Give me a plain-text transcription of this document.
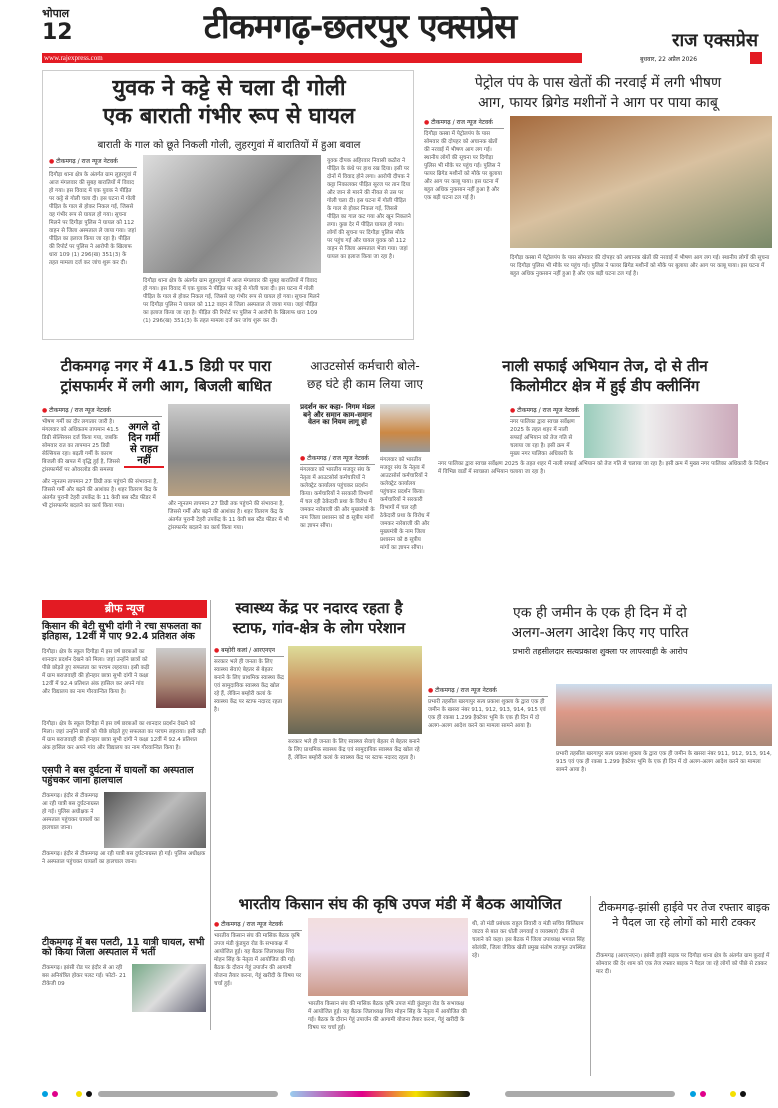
भोपाल
12	टीकमगढ़-छतरपुर एक्सप्रेस	राज एक्सप्रेस
www.rajexpress.com	बुधवार, 22 अप्रैल 2026
युवक ने कट्टे से चला दी गोली
एक बाराती गंभीर रूप से घायल
बाराती के गाल को छूते निकली गोली, लुहरगुवां में बारातियों में हुआ बवाल
● टीकमगढ़ / राज न्यूज नेटवर्क
दिगौड़ा थाना क्षेत्र के अंतर्गत ग्राम लुहरगुवां में आज मंगलवार की सुबह बारातियों में विवाद हो गया। इस विवाद में एक युवक ने पीड़ित पर कट्टे से गोली चला दी। इस घटना में गोली पीड़ित के गाल से होकर निकल गई, जिससे वह गंभीर रूप से घायल हो गया। सूचना मिलने पर दिगौड़ा पुलिस ने घायल को 112 वाहन से जिला अस्पताल ले जाया गया। जहां पीड़ित का इलाज किया जा रहा है। पीड़ित की रिपोर्ट पर पुलिस ने आरोपी के खिलाफ धारा 109 (1) 296(ख) 351(3) के तहत मामला दर्ज कर जांच शुरू कर दी।
दिगौड़ा थाना क्षेत्र के अंतर्गत ग्राम लुहरगुवां में आज मंगलवार की सुबह बारातियों में विवाद हो गया। इस विवाद में एक युवक ने पीड़ित पर कट्टे से गोली चला दी। इस घटना में गोली पीड़ित के गाल से होकर निकल गई, जिससे वह गंभीर रूप से घायल हो गया। सूचना मिलने पर दिगौड़ा पुलिस ने घायल को 112 वाहन से जिला अस्पताल ले जाया गया। जहां पीड़ित का इलाज किया जा रहा है। पीड़ित की रिपोर्ट पर पुलिस ने आरोपी के खिलाफ धारा 109 (1) 296(ख) 351(3) के तहत मामला दर्ज कर जांच शुरू कर दी।
युवक दीपक अहिरवार निवासी कठौरा ने पीड़ित के कंधे पर हाथ रख दिया। इसी पर दोनों में विवाद होने लगा। आरोपी दीपक ने कट्टा निकालकर पीड़ित सूरज पर तान दिया और जान से मारने की नीयत से उस पर गोली चला दी। इस घटना में गोली पीड़ित के गाल से होकर निकल गई, जिससे पीड़ित का गाल कट गया और खून निकलने लगा। कुछ देर में पीड़ित घायल हो गया। लोगों की सूचना पर दिगौड़ा पुलिस मौके पर पहुंच गई और घायल युवक को 112 वाहन से जिला अस्पताल भेजा गया। जहां घायल का इलाज किया जा रहा है।
पेट्रोल पंप के पास खेतों की नरवाई में लगी भीषण
आग, फायर ब्रिगेड मशीनों ने आग पर पाया काबू
● टीकमगढ़ / राज न्यूज नेटवर्क
दिगौड़ा कस्बा में पेट्रोलपंप के पास सोमवार की दोपहर को अचानक खेतों की नरवाई में भीषण आग लग गई। स्थानीय लोगों की सूचना पर दिगौड़ा पुलिस भी मौके पर पहुंच गई। पुलिस ने फायर ब्रिगेड मशीनों को मौके पर बुलाया और आग पर काबू पाया। इस घटना में बहुत अधिक नुकसान नहीं हुआ है और एक बड़ी घटना टल गई है।
दिगौड़ा कस्बा में पेट्रोलपंप के पास सोमवार की दोपहर को अचानक खेतों की नरवाई में भीषण आग लग गई। स्थानीय लोगों की सूचना पर दिगौड़ा पुलिस भी मौके पर पहुंच गई। पुलिस ने फायर ब्रिगेड मशीनों को मौके पर बुलाया और आग पर काबू पाया। इस घटना में बहुत अधिक नुकसान नहीं हुआ है और एक बड़ी घटना टल गई है।
टीकमगढ़ नगर में 41.5 डिग्री पर पारा
ट्रांसफार्मर में लगी आग, बिजली बाधित
● टीकमगढ़ / राज न्यूज नेटवर्क
भीषण गर्मी का दौर लगातार जारी है। मंगलवार को अधिकतम तापमान 41.5 डिग्री सेल्सियस दर्ज किया गया, जबकि सोमवार रात का तापमान 25 डिग्री सेल्सियस रहा। बढ़ती गर्मी के कारण बिजली की खपत में वृद्धि हुई है, जिससे ट्रांसफार्मरों पर ओवरलोड की समस्या
अगले दो दिन गर्मी से राहत नहीं
और न्यूनतम तापमान 27 डिग्री तक पहुंचने की संभावना है, जिससे गर्मी और बढ़ने की आशंका है। शहर वितरण केंद्र के अंतर्गत पुरानी टेहरी उपकेंद्र के 11 केवी बस स्टैंड फीडर में भी ट्रांसफार्मर बदलने का कार्य किया गया।	और न्यूनतम तापमान 27 डिग्री तक पहुंचने की संभावना है, जिससे गर्मी और बढ़ने की आशंका है। शहर वितरण केंद्र के अंतर्गत पुरानी टेहरी उपकेंद्र के 11 केवी बस स्टैंड फीडर में भी ट्रांसफार्मर बदलने का कार्य किया गया।
आउटसोर्स कर्मचारी बोले-
छह घंटे ही काम लिया जाए
प्रदर्शन कर कहा- निगम मंडल बने और समान काम-समान वेतन का नियम लागू हो
● टीकमगढ़ / राज न्यूज नेटवर्क
मंगलवार को भारतीय मजदूर संघ के नेतृत्व में आउटसोर्स कर्मचारियों ने कलेक्ट्रेट कार्यालय पहुंचकर प्रदर्शन किया। कर्मचारियों ने सरकारी विभागों में चल रही ठेकेदारी प्रथा के विरोध में जमकर नारेबाजी की और मुख्यमंत्री के नाम जिला प्रशासन को 8 सूत्रीय मांगों का ज्ञापन सौंपा।
मंगलवार को भारतीय मजदूर संघ के नेतृत्व में आउटसोर्स कर्मचारियों ने कलेक्ट्रेट कार्यालय पहुंचकर प्रदर्शन किया। कर्मचारियों ने सरकारी विभागों में चल रही ठेकेदारी प्रथा के विरोध में जमकर नारेबाजी की और मुख्यमंत्री के नाम जिला प्रशासन को 8 सूत्रीय मांगों का ज्ञापन सौंपा।
नाली सफाई अभियान तेज, दो से तीन
किलोमीटर क्षेत्र में हुई डीप क्लीनिंग
● टीकमगढ़ / राज न्यूज नेटवर्क
नगर पालिका द्वारा स्वच्छ सर्वेक्षण 2025 के तहत शहर में नाली सफाई अभियान को तेज गति से चलाया जा रहा है। इसी क्रम में मुख्य नगर पालिका अधिकारी के निर्देशन में विभिन्न वार्डों में स्वच्छता अभियान चलाया जा रहा है।
नगर पालिका द्वारा स्वच्छ सर्वेक्षण 2025 के तहत शहर में नाली सफाई अभियान को तेज गति से चलाया जा रहा है। इसी क्रम में मुख्य नगर पालिका अधिकारी के
ब्रीफ न्यूज
किसान की बेटी सुभी दांगी ने रचा सफलता का इतिहास, 12वीं में पाए 92.4 प्रतिशत अंक
दिगौड़ा। क्षेत्र के स्कूल दिगौड़ा में इस वर्ष छात्राओं का शानदार प्रदर्शन देखने को मिला। जहां उन्होंने छात्रों को पीछे छोड़ते हुए सफलता का परचम लहराया। इसी कड़ी में ग्राम बराजवाही की होनहार छात्रा सुभी दांगी ने कक्षा 12वीं में 92.4 प्रतिशत अंक हासिल कर अपने गांव और विद्यालय का नाम गौरवान्वित किया है।
दिगौड़ा। क्षेत्र के स्कूल दिगौड़ा में इस वर्ष छात्राओं का शानदार प्रदर्शन देखने को मिला। जहां उन्होंने छात्रों को पीछे छोड़ते हुए सफलता का परचम लहराया। इसी कड़ी में ग्राम बराजवाही की होनहार छात्रा सुभी दांगी ने कक्षा 12वीं में 92.4 प्रतिशत अंक हासिल कर अपने गांव और विद्यालय का नाम गौरवान्वित किया है।
एसपी ने बस दुर्घटना में घायलों का अस्पताल पहुंचकर जाना हालचाल
टीकमगढ़। इंदौर से टीकमगढ़ आ रही यात्री बस दुर्घटनाग्रस्त हो गई। पुलिस अधीक्षक ने अस्पताल पहुंचकर घायलों का हालचाल जाना।
टीकमगढ़। इंदौर से टीकमगढ़ आ रही यात्री बस दुर्घटनाग्रस्त हो गई। पुलिस अधीक्षक ने अस्पताल पहुंचकर घायलों का हालचाल जाना।
टीकमगढ़ में बस पलटी, 11 यात्री घायल, सभी को किया जिला अस्पताल में भर्ती
टीकमगढ़। झांसी रोड पर इंदौर से आ रही बस अनियंत्रित होकर पलट गई। फोटो- 21 टीकेजी 09
स्वास्थ्य केंद्र पर नदारद रहता है
स्टाफ, गांव-क्षेत्र के लोग परेशान
● बम्होरी कलां / आरएनएन
सरकार भले ही जनता के लिए स्वास्थ्य सेवाएं बेहतर से बेहतर बनाने के लिए प्राथमिक स्वास्थ्य केंद्र एवं सामुदायिक स्वास्थ्य केंद्र खोल रहे हैं, लेकिन बम्होरी कलां के स्वास्थ्य केंद्र पर स्टाफ नदारद रहता है।
सरकार भले ही जनता के लिए स्वास्थ्य सेवाएं बेहतर से बेहतर बनाने के लिए प्राथमिक स्वास्थ्य केंद्र एवं सामुदायिक स्वास्थ्य केंद्र खोल रहे हैं, लेकिन बम्होरी कलां के स्वास्थ्य केंद्र पर स्टाफ नदारद रहता है।
एक ही जमीन के एक ही दिन में दो
अलग-अलग आदेश किए गए पारित
प्रभारी तहसीलदार सत्यप्रकाश शुक्ला पर लापरवाही के आरोप
● टीकमगढ़ / राज न्यूज नेटवर्क
प्रभारी तहसील खरगापुर सत्य प्रकाश शुक्ला के द्वारा एक ही जमीन के खसरा नंबर 911, 912, 913, 914, 915 एवं एक ही रकबा 1.299 हैक्टेयर भूमि के एक ही दिन में दो अलग-अलग आदेश करने का मामला सामने आया है।
प्रभारी तहसील खरगापुर सत्य प्रकाश शुक्ला के द्वारा एक ही जमीन के खसरा नंबर 911, 912, 913, 914, 915 एवं एक ही रकबा 1.299 हैक्टेयर भूमि के एक ही दिन में दो अलग-अलग आदेश करने का मामला सामने आया है।
भारतीय किसान संघ की कृषि उपज मंडी में बैठक आयोजित
● टीकमगढ़ / राज न्यूज नेटवर्क
भारतीय किसान संघ की मासिक बैठक कृषि उपज मंडी कुंडपुरा रोड के सभाकक्ष में आयोजित हुई। यह बैठक जिलाध्यक्ष शिव मोहन सिंह के नेतृत्व में आयोजित की गई। बैठक के दौरान गेहूं उपार्जन की आगामी योजना तैयार करना, गेहूं खरीदी के विषय पर चर्चा हुई।
भारतीय किसान संघ की मासिक बैठक कृषि उपज मंडी कुंडपुरा रोड के सभाकक्ष में आयोजित हुई। यह बैठक जिलाध्यक्ष शिव मोहन सिंह के नेतृत्व में आयोजित की गई। बैठक के दौरान गेहूं उपार्जन की आगामी योजना तैयार करना, गेहूं खरीदी के विषय पर चर्चा हुई।
थी, तो मंडी प्रबंधक राहुल तिवारी व मंडी सचिव बिलिग्राम जाटव से बात कर धोती लगवाई व व्यवस्थाएं ठीक से चलाने को कहा। इस बैठक में जिला उपाध्यक्ष भगवत सिंह सोलंकी, जिला जैविक खेती प्रमुख संतोष राजपूत उपस्थित रहे।
टीकमगढ़-झांसी हाईवे पर तेज रफ्तार बाइक ने पैदल जा रहे लोगों को मारी टक्कर
टीकमगढ़ (आरएनएन)। झांसी हाईवे सड़क पर दिगौड़ा थाना क्षेत्र के अंतर्गत ग्राम कुराई में सोमवार की देर शाम को एक तेज रफ्तार बाइक ने पैदल जा रहे लोगों को पीछे से टक्कर मार दी।
